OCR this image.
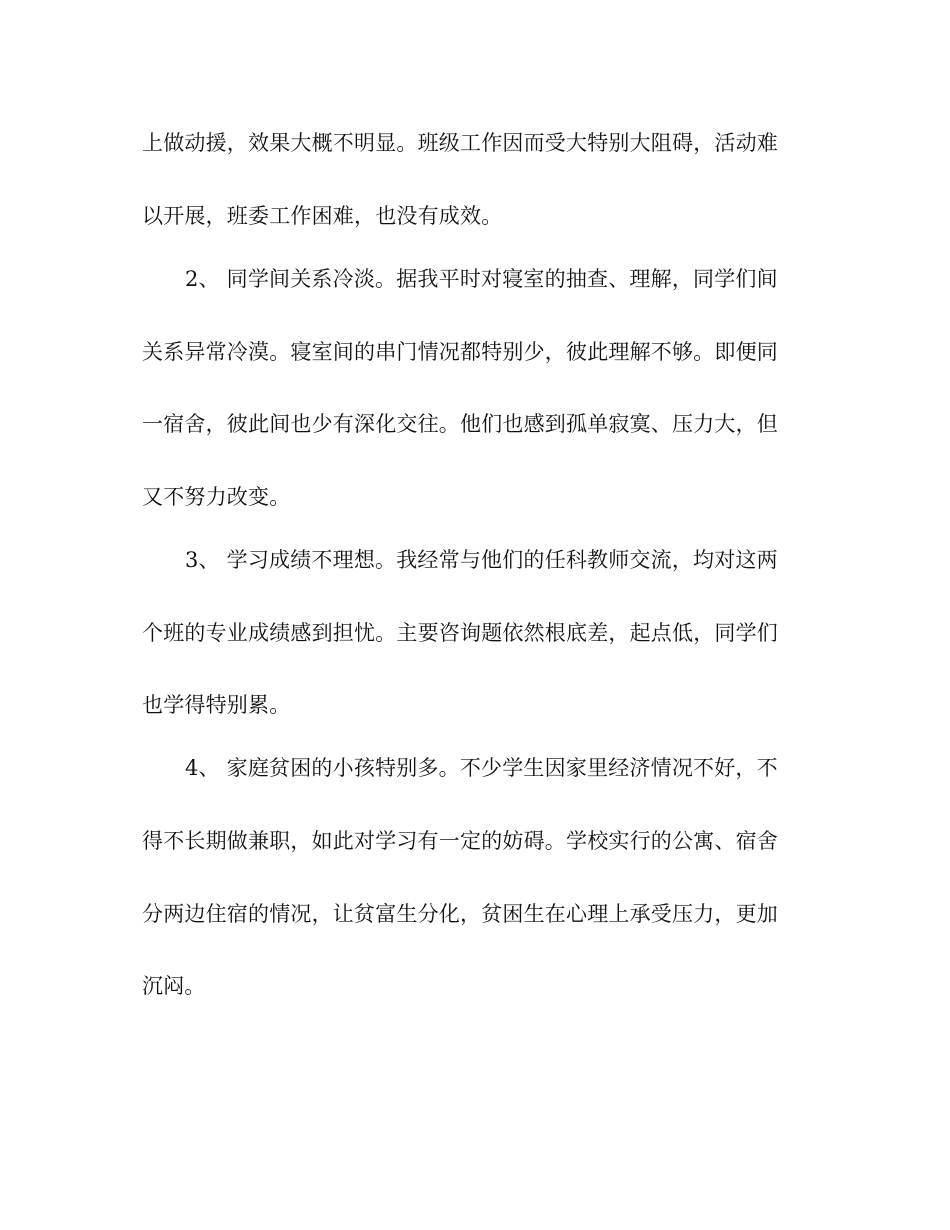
上做动援，效果大概不明显。班级工作因而受大特别大阻碍，活动难
以开展，班委工作困难，也没有成效。
2、 同学间关系冷淡。据我平时对寝室的抽查、理解，同学们间
关系异常冷漠。寝室间的串门情况都特别少，彼此理解不够。即便同
一宿舍，彼此间也少有深化交往。他们也感到孤单寂寞、压力大，但
又不努力改变。
3、 学习成绩不理想。我经常与他们的任科教师交流，均对这两
个班的专业成绩感到担忧。主要咨询题依然根底差，起点低，同学们
也学得特别累。
4、 家庭贫困的小孩特别多。不少学生因家里经济情况不好，不
得不长期做兼职，如此对学习有一定的妨碍。学校实行的公寓、宿舍
分两边住宿的情况，让贫富生分化，贫困生在心理上承受压力，更加
沉闷。
